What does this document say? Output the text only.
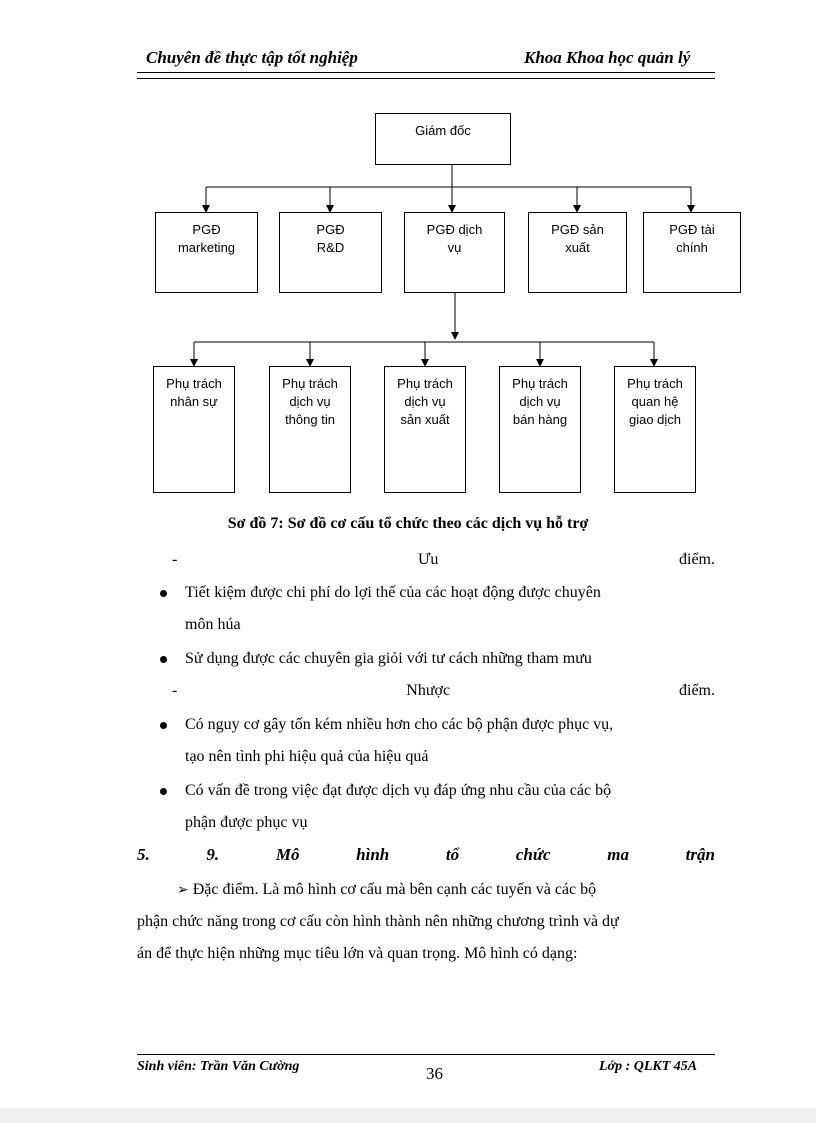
Chuyên đề thực tập tốt nghiệp	Khoa Khoa học quản lý
Giám đốc
PGĐ
marketing
PGĐ
R&D
PGĐ dịch
vụ
PGĐ sản
xuất
PGĐ tài
chính
Phụ trách
nhân sự
Phụ trách
dịch vụ
thông tin
Phụ trách
dịch vụ
sản xuất
Phụ trách
dịch vụ
bán hàng
Phụ trách
quan hệ
giao dịch
Sơ đồ 7: Sơ đồ cơ cấu tổ chức theo các dịch vụ hỗ trợ
-	Ưu	điểm.
Tiết kiệm được chi phí do lợi thế của các hoạt động được chuyên
môn húa
Sử dụng được các chuyên gia giỏi với tư cách những tham mưu
-	Nhược	điểm.
Có nguy cơ gây tốn kém nhiều hơn cho các bộ phận được phục vụ,
tạo nên tình phi hiệu quả của hiệu quả
Có vấn đề trong việc đạt được dịch vụ đáp ứng nhu cầu của các bộ
phận được phục vụ
5.	9.	Mô	hình	tổ	chức	ma	trận
➢ Đặc điểm. Là mô hình cơ cấu mà bên cạnh các tuyến và các bộ
phận chức năng trong cơ cấu còn hình thành nên những chương trình và dự
án để thực hiện những mục tiêu lớn và quan trọng. Mô hình có dạng:
Sinh viên: Trần Văn Cường	36	Lớp : QLKT 45A
